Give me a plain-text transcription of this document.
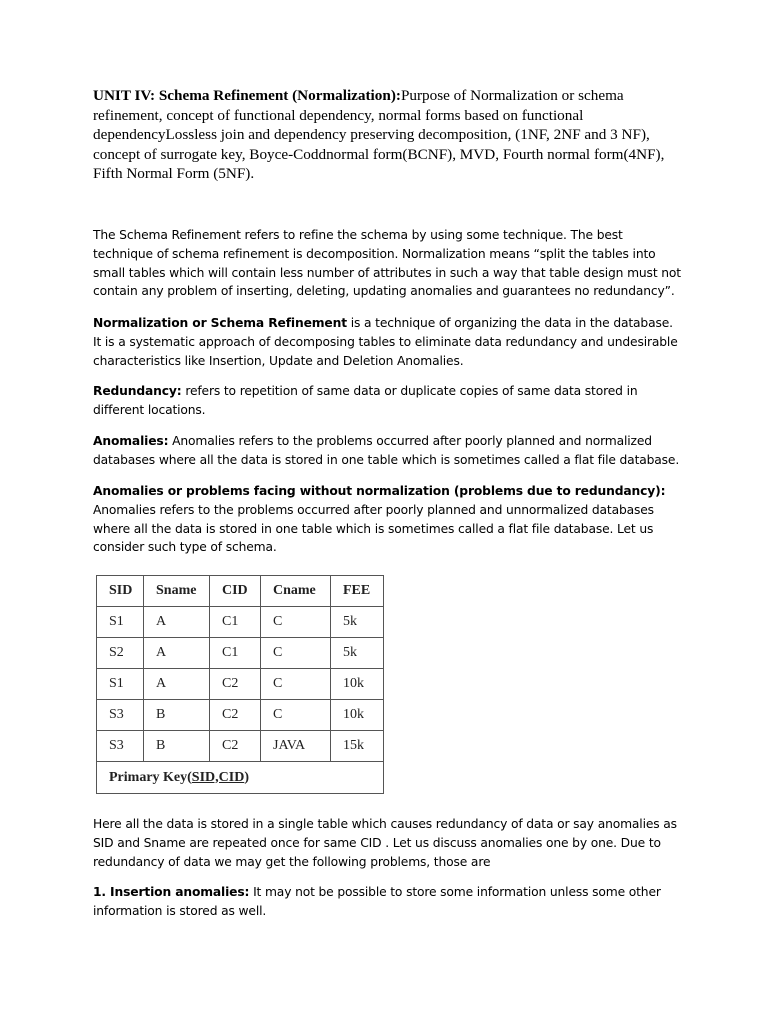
UNIT IV: Schema Refinement (Normalization):Purpose of Normalization or schema refinement, concept of functional dependency, normal forms based on functional dependencyLossless join and dependency preserving decomposition, (1NF, 2NF and 3 NF), concept of surrogate key, Boyce-Coddnormal form(BCNF), MVD, Fourth normal form(4NF), Fifth Normal Form (5NF).

The Schema Refinement refers to refine the schema by using some technique. The best technique of schema refinement is decomposition. Normalization means “split the tables into small tables which will contain less number of attributes in such a way that table design must not contain any problem of inserting, deleting, updating anomalies and guarantees no redundancy”.

Normalization or Schema Refinement is a technique of organizing the data in the database. It is a systematic approach of decomposing tables to eliminate data redundancy and undesirable characteristics like Insertion, Update and Deletion Anomalies.

Redundancy: refers to repetition of same data or duplicate copies of same data stored in different locations.

Anomalies: Anomalies refers to the problems occurred after poorly planned and normalized databases where all the data is stored in one table which is sometimes called a flat file database.

Anomalies or problems facing without normalization (problems due to redundancy): Anomalies refers to the problems occurred after poorly planned and unnormalized databases where all the data is stored in one table which is sometimes called a flat file database. Let us consider such type of schema.

SID	Sname	CID	Cname	FEE
S1	A	C1	C	5k
S2	A	C1	C	5k
S1	A	C2	C	10k
S3	B	C2	C	10k
S3	B	C2	JAVA	15k
Primary Key(SID,CID)				

Here all the data is stored in a single table which causes redundancy of data or say anomalies as SID and Sname are repeated once for same CID . Let us discuss anomalies one by one. Due to redundancy of data we may get the following problems, those are

1. Insertion anomalies: It may not be possible to store some information unless some other information is stored as well.
